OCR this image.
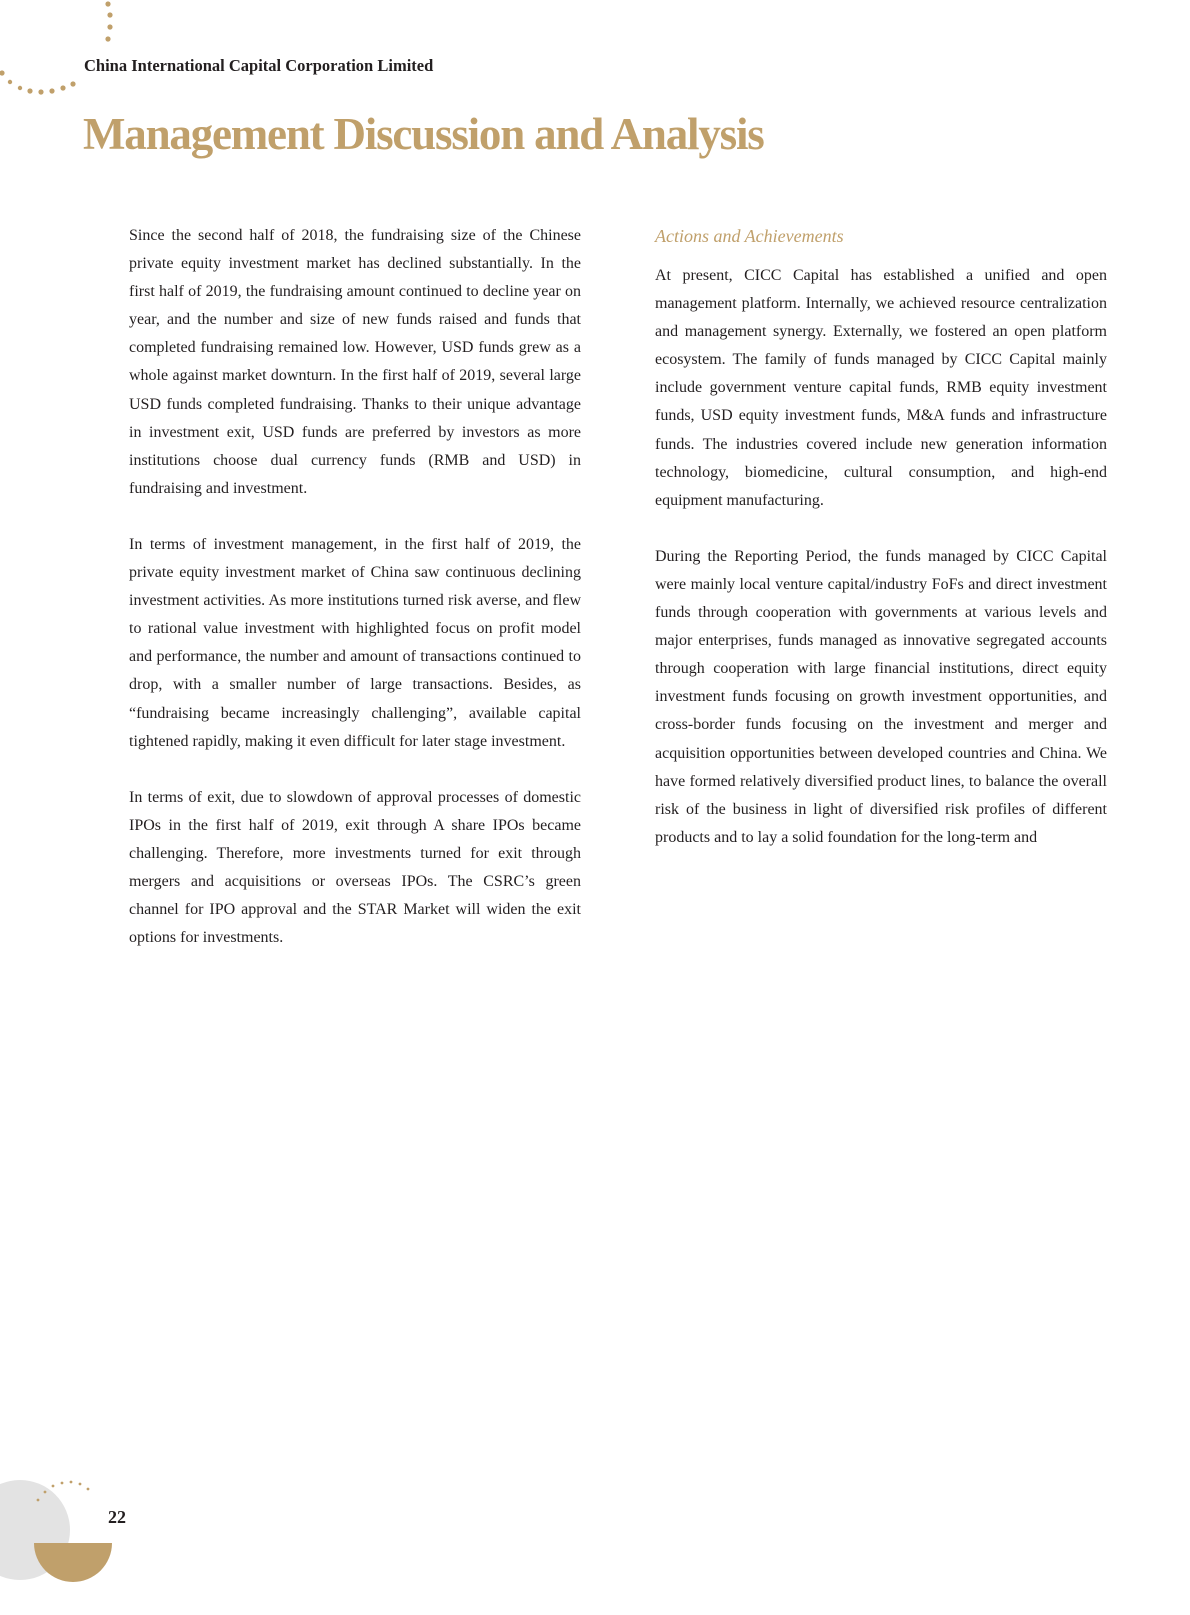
China International Capital Corporation Limited
Management Discussion and Analysis

Since the second half of 2018, the fundraising size of the Chinese private equity investment market has declined substantially. In the first half of 2019, the fundraising amount continued to decline year on year, and the number and size of new funds raised and funds that completed fundraising remained low. However, USD funds grew as a whole against market downturn. In the first half of 2019, several large USD funds completed fundraising. Thanks to their unique advantage in investment exit, USD funds are preferred by investors as more institutions choose dual currency funds (RMB and USD) in fundraising and investment.

In terms of investment management, in the first half of 2019, the private equity investment market of China saw continuous declining investment activities. As more institutions turned risk averse, and flew to rational value investment with highlighted focus on profit model and performance, the number and amount of transactions continued to drop, with a smaller number of large transactions. Besides, as “fundraising became increasingly challenging”, available capital tightened rapidly, making it even difficult for later stage investment.

In terms of exit, due to slowdown of approval processes of domestic IPOs in the first half of 2019, exit through A share IPOs became challenging. Therefore, more investments turned for exit through mergers and acquisitions or overseas IPOs. The CSRC’s green channel for IPO approval and the STAR Market will widen the exit options for investments.

Actions and Achievements

At present, CICC Capital has established a unified and open management platform. Internally, we achieved resource centralization and management synergy. Externally, we fostered an open platform ecosystem. The family of funds managed by CICC Capital mainly include government venture capital funds, RMB equity investment funds, USD equity investment funds, M&A funds and infrastructure funds. The industries covered include new generation information technology, biomedicine, cultural consumption, and high-end equipment manufacturing.

During the Reporting Period, the funds managed by CICC Capital were mainly local venture capital/industry FoFs and direct investment funds through cooperation with governments at various levels and major enterprises, funds managed as innovative segregated accounts through cooperation with large financial institutions, direct equity investment funds focusing on growth investment opportunities, and cross-border funds focusing on the investment and merger and acquisition opportunities between developed countries and China. We have formed relatively diversified product lines, to balance the overall risk of the business in light of diversified risk profiles of different products and to lay a solid foundation for the long-term and

22
